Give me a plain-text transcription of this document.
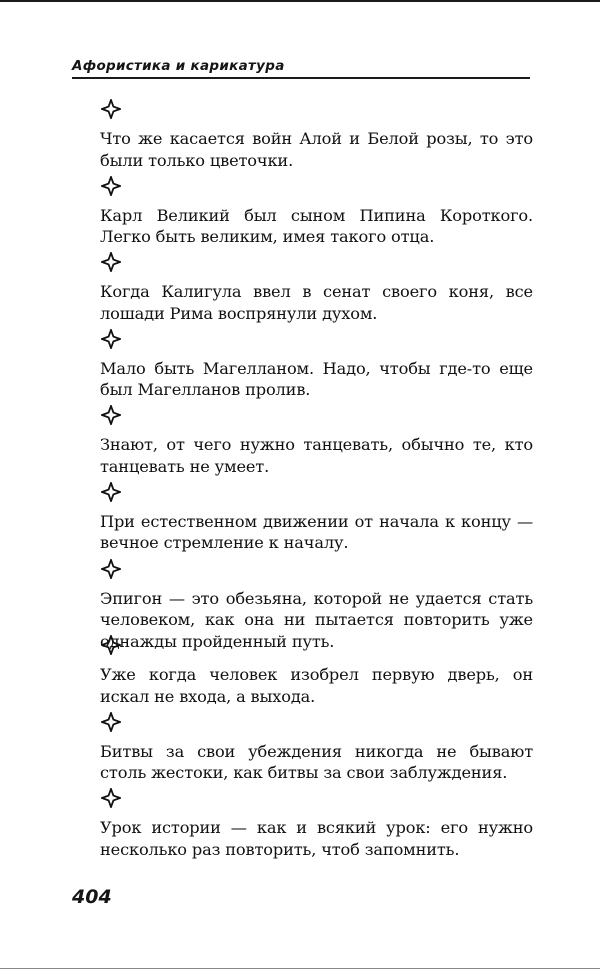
Афористика и карикатура
Что же касается войн Алой и Белой розы, то это были только цветочки.
Карл Великий был сыном Пипина Короткого. Легко быть великим, имея такого отца.
Когда Калигула ввел в сенат своего коня, все лошади Рима воспрянули духом.
Мало быть Магелланом. Надо, чтобы где-то еще был Магелланов пролив.
Знают, от чего нужно танцевать, обычно те, кто танцевать не умеет.
При естественном движении от начала к концу — вечное стремление к началу.
Эпигон — это обезьяна, которой не удается стать человеком, как она ни пытается повторить уже однажды пройденный путь.
Уже когда человек изобрел первую дверь, он искал не входа, а выхода.
Битвы за свои убеждения никогда не бывают столь жестоки, как битвы за свои заблуждения.
Урок истории — как и всякий урок: его нужно несколько раз повторить, чтоб запомнить.
404
